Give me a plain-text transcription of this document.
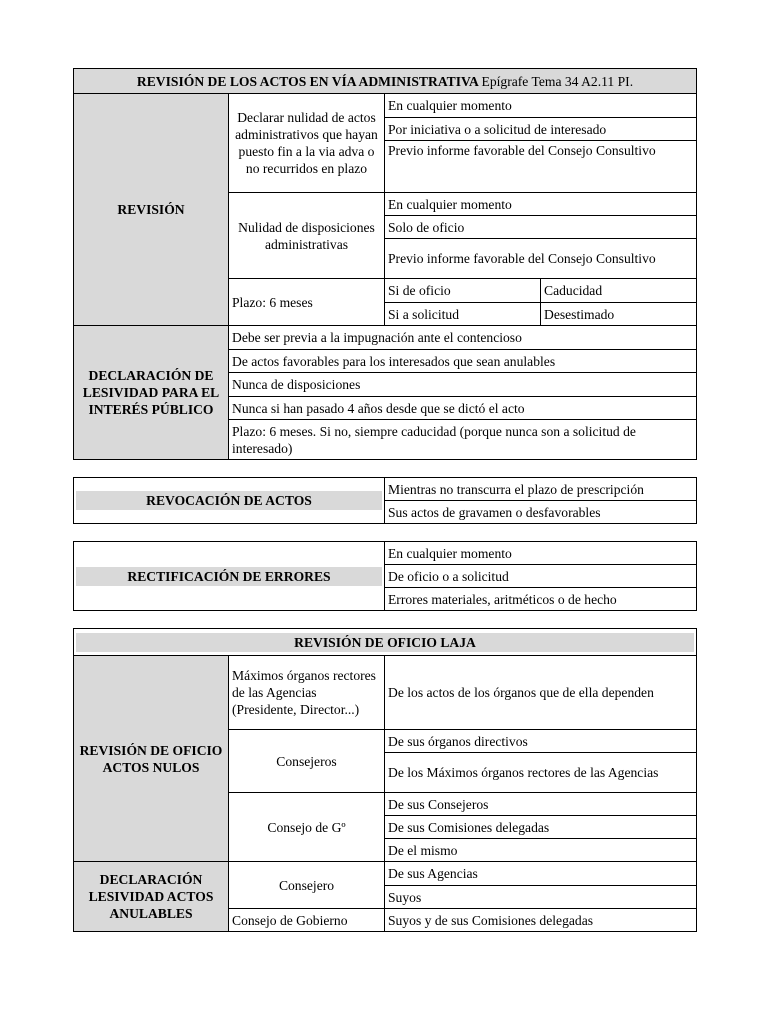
REVISIÓN DE LOS ACTOS EN VÍA ADMINISTRATIVA Epígrafe Tema 34 A2.11 PI.			
REVISIÓN	Declarar nulidad de actos administrativos que hayan puesto fin a la via adva o no recurridos en plazo	En cualquier momento	
		Por iniciativa o a solicitud de interesado	
		Previo informe favorable del Consejo Consultivo	
	Nulidad de disposiciones administrativas	En cualquier momento	
		Solo de oficio	
		Previo informe favorable del Consejo Consultivo	
	Plazo: 6 meses	Si de oficio	Caducidad
		Si a solicitud	Desestimado
DECLARACIÓN DE LESIVIDAD PARA EL INTERÉS PÚBLICO	Debe ser previa a la impugnación ante el contencioso		
	De actos favorables para los interesados que sean anulables		
	Nunca de disposiciones		
	Nunca si han pasado 4 años desde que se dictó el acto		
	Plazo: 6 meses. Si no, siempre caducidad (porque nunca son a solicitud de interesado)		
REVOCACIÓN DE ACTOS
	Mientras no transcurra el plazo de prescripción
Sus actos de gravamen o desfavorables
RECTIFICACIÓN DE ERRORES
	En cualquier momento
De oficio o a solicitud
Errores materiales, aritméticos o de hecho
REVISIÓN DE OFICIO LAJA		

REVISIÓN DE OFICIO ACTOS NULOS	Máximos órganos rectores de las Agencias (Presidente, Director...)	De los actos de los órganos que de ella dependen
	Consejeros	De sus órganos directivos
		De los Máximos órganos rectores de las Agencias
	Consejo de Gº	De sus Consejeros
		De sus Comisiones delegadas
		De el mismo
DECLARACIÓN LESIVIDAD ACTOS ANULABLES	Consejero	De sus Agencias
		Suyos
	Consejo de Gobierno	Suyos y de sus Comisiones delegadas
